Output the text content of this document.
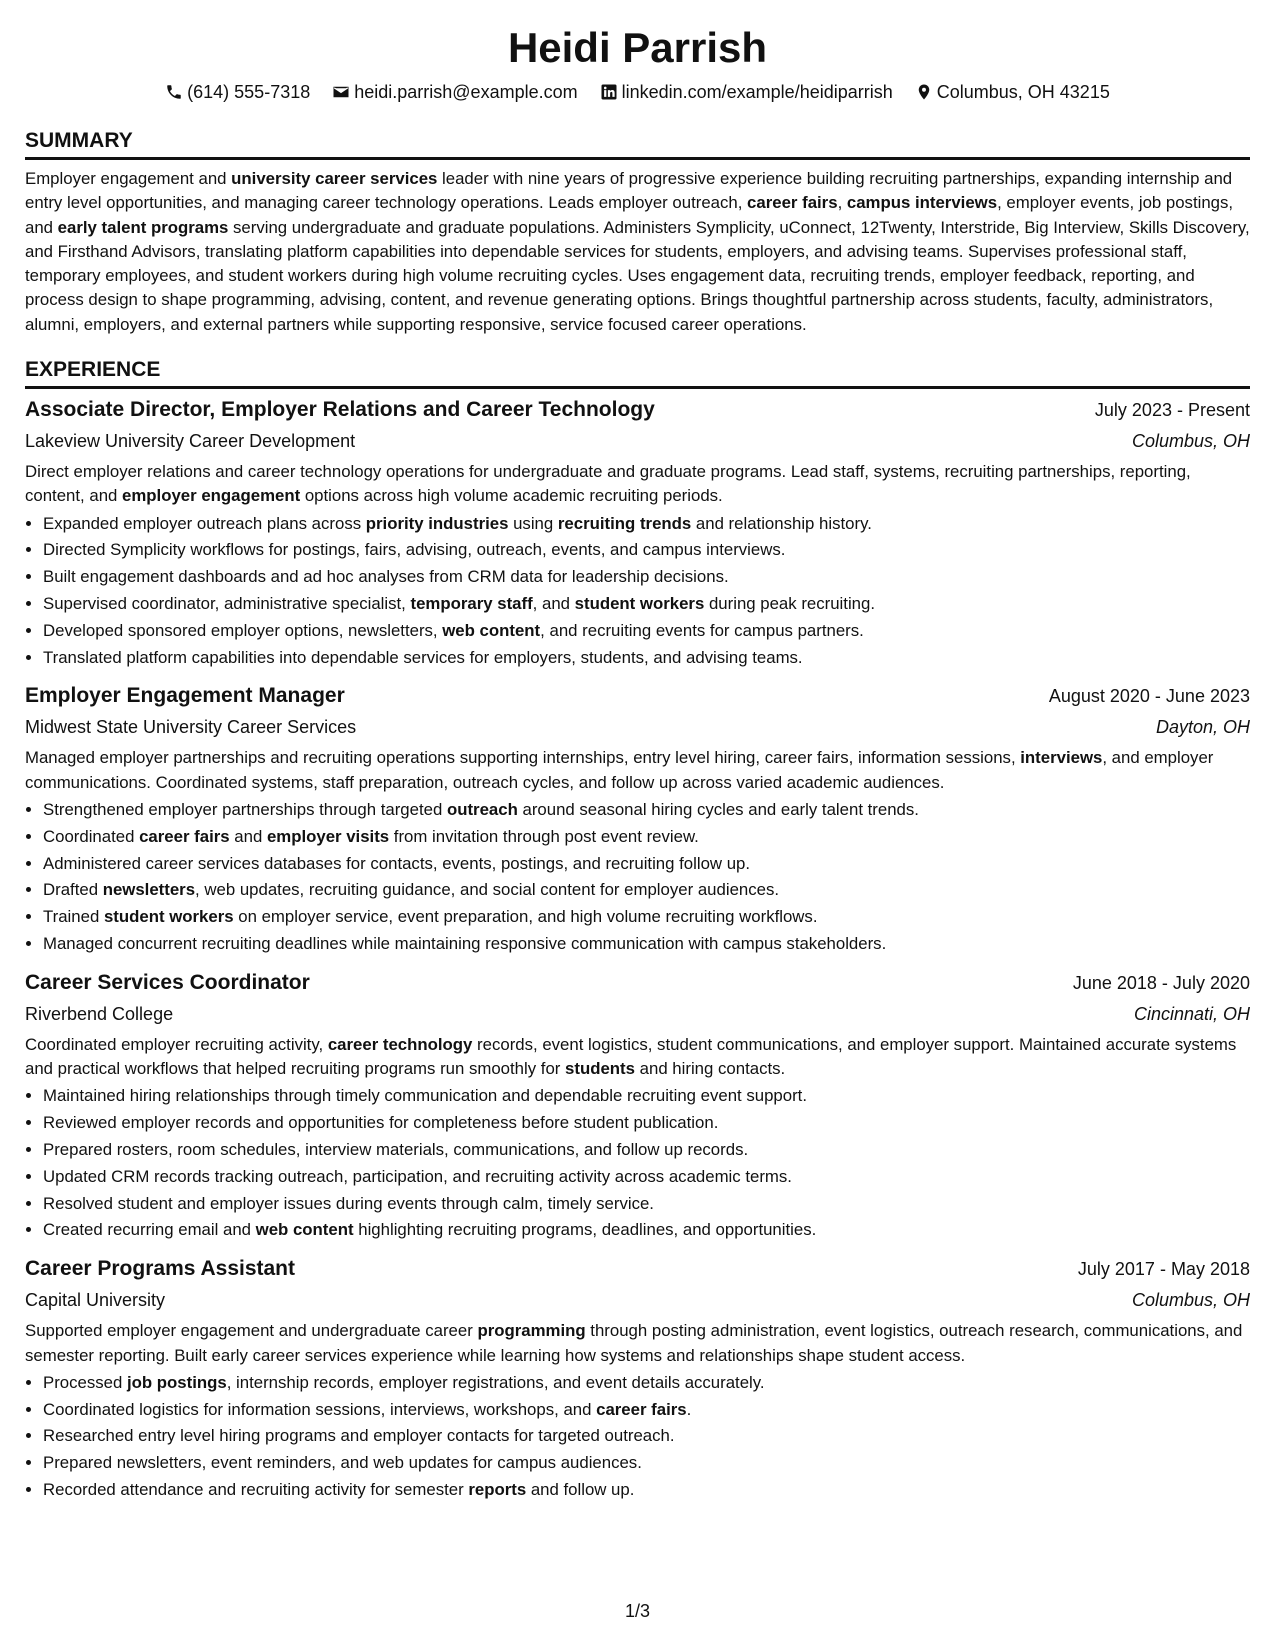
Heidi Parrish
(614) 555-7318 heidi.parrish@example.com linkedin.com/example/heidiparrish Columbus, OH 43215
SUMMARY
Employer engagement and university career services leader with nine years of progressive experience building recruiting partnerships, expanding internship and entry level opportunities, and managing career technology operations. Leads employer outreach, career fairs, campus interviews, employer events, job postings, and early talent programs serving undergraduate and graduate populations. Administers Symplicity, uConnect, 12Twenty, Interstride, Big Interview, Skills Discovery, and Firsthand Advisors, translating platform capabilities into dependable services for students, employers, and advising teams. Supervises professional staff, temporary employees, and student workers during high volume recruiting cycles. Uses engagement data, recruiting trends, employer feedback, reporting, and process design to shape programming, advising, content, and revenue generating options. Brings thoughtful partnership across students, faculty, administrators, alumni, employers, and external partners while supporting responsive, service focused career operations.
EXPERIENCE
Associate Director, Employer Relations and Career Technology	July 2023 - Present
Lakeview University Career Development	Columbus, OH
Direct employer relations and career technology operations for undergraduate and graduate programs. Lead staff, systems, recruiting partnerships, reporting, content, and employer engagement options across high volume academic recruiting periods.
• Expanded employer outreach plans across priority industries using recruiting trends and relationship history.
• Directed Symplicity workflows for postings, fairs, advising, outreach, events, and campus interviews.
• Built engagement dashboards and ad hoc analyses from CRM data for leadership decisions.
• Supervised coordinator, administrative specialist, temporary staff, and student workers during peak recruiting.
• Developed sponsored employer options, newsletters, web content, and recruiting events for campus partners.
• Translated platform capabilities into dependable services for employers, students, and advising teams.
Employer Engagement Manager	August 2020 - June 2023
Midwest State University Career Services	Dayton, OH
Managed employer partnerships and recruiting operations supporting internships, entry level hiring, career fairs, information sessions, interviews, and employer communications. Coordinated systems, staff preparation, outreach cycles, and follow up across varied academic audiences.
• Strengthened employer partnerships through targeted outreach around seasonal hiring cycles and early talent trends.
• Coordinated career fairs and employer visits from invitation through post event review.
• Administered career services databases for contacts, events, postings, and recruiting follow up.
• Drafted newsletters, web updates, recruiting guidance, and social content for employer audiences.
• Trained student workers on employer service, event preparation, and high volume recruiting workflows.
• Managed concurrent recruiting deadlines while maintaining responsive communication with campus stakeholders.
Career Services Coordinator	June 2018 - July 2020
Riverbend College	Cincinnati, OH
Coordinated employer recruiting activity, career technology records, event logistics, student communications, and employer support. Maintained accurate systems and practical workflows that helped recruiting programs run smoothly for students and hiring contacts.
• Maintained hiring relationships through timely communication and dependable recruiting event support.
• Reviewed employer records and opportunities for completeness before student publication.
• Prepared rosters, room schedules, interview materials, communications, and follow up records.
• Updated CRM records tracking outreach, participation, and recruiting activity across academic terms.
• Resolved student and employer issues during events through calm, timely service.
• Created recurring email and web content highlighting recruiting programs, deadlines, and opportunities.
Career Programs Assistant	July 2017 - May 2018
Capital University	Columbus, OH
Supported employer engagement and undergraduate career programming through posting administration, event logistics, outreach research, communications, and semester reporting. Built early career services experience while learning how systems and relationships shape student access.
• Processed job postings, internship records, employer registrations, and event details accurately.
• Coordinated logistics for information sessions, interviews, workshops, and career fairs.
• Researched entry level hiring programs and employer contacts for targeted outreach.
• Prepared newsletters, event reminders, and web updates for campus audiences.
• Recorded attendance and recruiting activity for semester reports and follow up.
1/3
